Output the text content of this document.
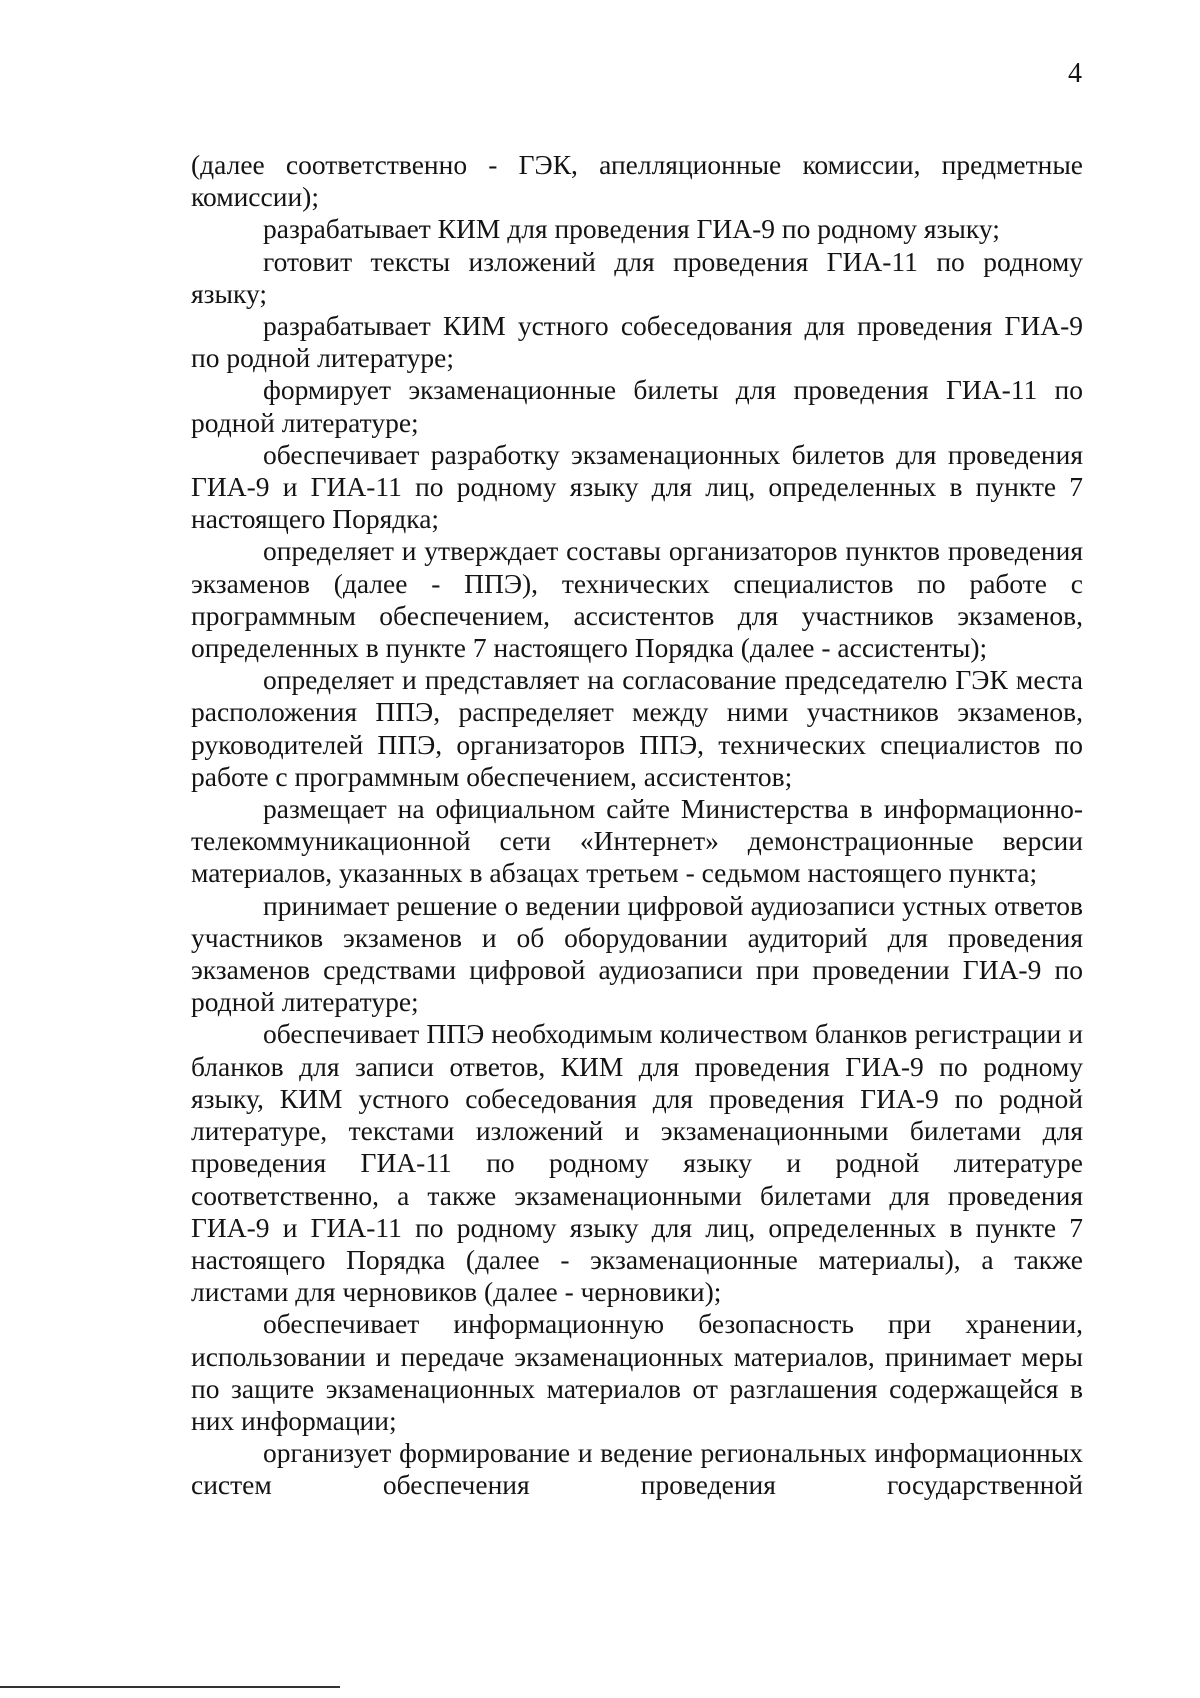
4

(далее соответственно - ГЭК, апелляционные комиссии, предметные комиссии);

разрабатывает КИМ для проведения ГИА-9 по родному языку;

готовит тексты изложений для проведения ГИА-11 по родному языку;

разрабатывает КИМ устного собеседования для проведения ГИА-9 по родной литературе;

формирует экзаменационные билеты для проведения ГИА-11 по родной литературе;

обеспечивает разработку экзаменационных билетов для проведения ГИА-9 и ГИА-11 по родному языку для лиц, определенных в пункте 7 настоящего Порядка;

определяет и утверждает составы организаторов пунктов проведения экзаменов (далее - ППЭ), технических специалистов по работе с программным обеспечением, ассистентов для участников экзаменов, определенных в пункте 7 настоящего Порядка (далее - ассистенты);

определяет и представляет на согласование председателю ГЭК места расположения ППЭ, распределяет между ними участников экзаменов, руководителей ППЭ, организаторов ППЭ, технических специалистов по работе с программным обеспечением, ассистентов;

размещает на официальном сайте Министерства в информационно-телекоммуникационной сети «Интернет» демонстрационные версии материалов, указанных в абзацах третьем - седьмом настоящего пункта;

принимает решение о ведении цифровой аудиозаписи устных ответов участников экзаменов и об оборудовании аудиторий для проведения экзаменов средствами цифровой аудиозаписи при проведении ГИА-9 по родной литературе;

обеспечивает ППЭ необходимым количеством бланков регистрации и бланков для записи ответов, КИМ для проведения ГИА-9 по родному языку, КИМ устного собеседования для проведения ГИА-9 по родной литературе, текстами изложений и экзаменационными билетами для проведения ГИА-11 по родному языку и родной литературе соответственно, а также экзаменационными билетами для проведения ГИА-9 и ГИА-11 по родному языку для лиц, определенных в пункте 7 настоящего Порядка (далее - экзаменационные материалы), а также листами для черновиков (далее - черновики);

обеспечивает информационную безопасность при хранении, использовании и передаче экзаменационных материалов, принимает меры по защите экзаменационных материалов от разглашения содержащейся в них информации;

организует формирование и ведение региональных информационных систем обеспечения проведения государственной
